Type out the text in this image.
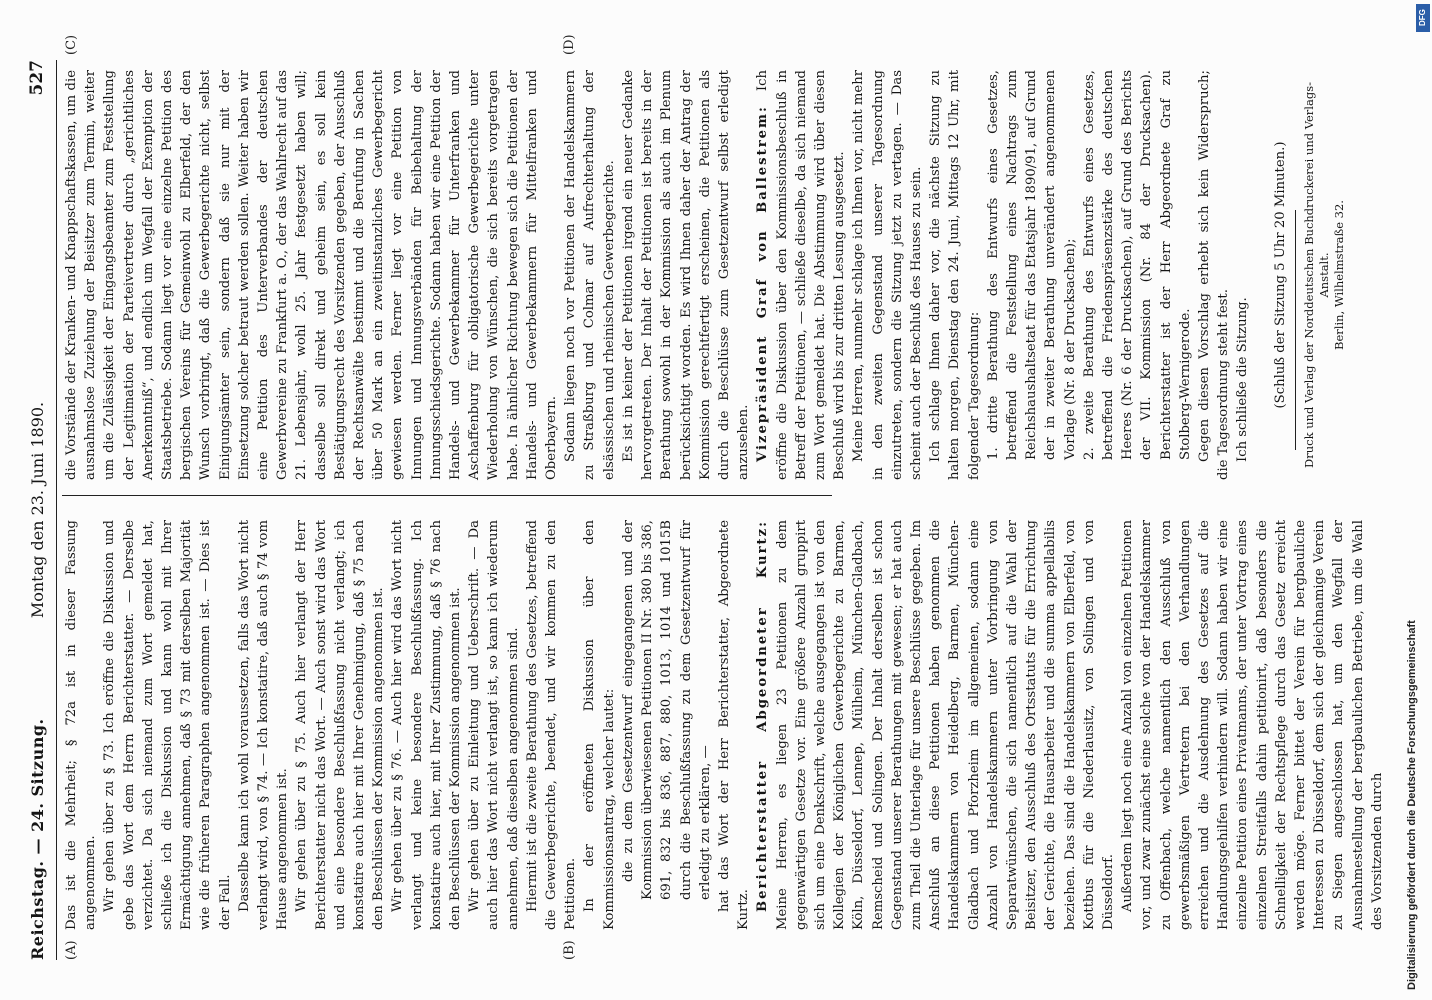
Reichstag. — 24. Sitzung.
Montag den 23. Juni 1890.
527
(A)	(B)
(C)	(D)

Das ist die Mehrheit; § 72a ist in dieser Fassung angenommen. Wir gehen über zu § 73. Ich eröffne die Diskussion und gebe das Wort dem Herrn Berichterstatter. — Derselbe verzichtet. Da sich niemand zum Wort gemeldet hat, schließe ich die Diskussion und kann wohl mit Ihrer Ermächtigung annehmen, daß § 73 mit derselben Majorität wie die früheren Paragraphen angenommen ist. — Dies ist der Fall. Dasselbe kann ich wohl voraussetzen, falls das Wort nicht verlangt wird, von § 74. — Ich konstatire, daß auch § 74 vom Hause angenommen ist. Wir gehen über zu § 75. Auch hier verlangt der Herr Berichterstatter nicht das Wort. — Auch sonst wird das Wort und eine besondere Beschlußfassung nicht verlangt; ich konstatire auch hier mit Ihrer Genehmigung, daß § 75 nach den Beschlüssen der Kommission angenommen ist. Wir gehen über zu § 76. — Auch hier wird das Wort nicht verlangt und keine besondere Beschlußfassung. Ich konstatire auch hier, mit Ihrer Zustimmung, daß § 76 nach den Beschlüssen der Kommission angenommen ist. Wir gehen über zu Einleitung und Ueberschrift. — Da auch hier das Wort nicht verlangt ist, so kann ich wiederum annehmen, daß dieselben angenommen sind. Hiermit ist die zweite Berathung des Gesetzes, betreffend die Gewerbegerichte, beendet, und wir kommen zu den Petitionen. In der eröffneten Diskussion über den Kommissionsantrag, welcher lautet: die zu dem Gesetzentwurf eingegangenen und der Kommission überwiesenen Petitionen II Nr. 380 bis 386, 691, 832 bis 836, 887, 880, 1013, 1014 und 1015B durch die Beschlußfassung zu dem Gesetzentwurf für erledigt zu erklären, — hat das Wort der Herr Berichterstatter, Abgeordnete Kurtz. Berichterstatter Abgeordneter Kurtz: Meine Herren, es liegen 23 Petitionen zu dem gegenwärtigen Gesetze vor. Eine größere Anzahl gruppirt sich um eine Denkschrift, welche ausgegangen ist von den Kollegien der Königlichen Gewerbegerichte zu Barmen, Köln, Düsseldorf, Lennep, Mülheim, München-Gladbach, Remscheid und Solingen. Der Inhalt derselben ist schon Gegenstand unserer Berathungen mit gewesen; er hat auch zum Theil die Unterlage für unsere Beschlüsse gegeben. Im Anschluß an diese Petitionen haben genommen die Handelskammern von Heidelberg, Barmen, München-Gladbach und Pforzheim im allgemeinen, sodann eine Anzahl von Handelskammern unter Vorbringung von Separatwünschen, die sich namentlich auf die Wahl der Beisitzer, den Ausschluß des Ortsstatuts für die Errichtung der Gerichte, die Hausarbeiter und die summa appellabilis beziehen. Das sind die Handelskammern von Elberfeld, von Kottbus für die Niederlausitz, von Solingen und von Düsseldorf. Außerdem liegt noch eine Anzahl von einzelnen Petitionen vor, und zwar zunächst eine solche von der Handelskammer zu Offenbach, welche namentlich den Ausschluß von gewerbsmäßigen Vertretern bei den Verhandlungen erreichen und die Ausdehnung des Gesetzes auf die Handlungsgehilfen verhindern will. Sodann haben wir eine einzelne Petition eines Privatmanns, der unter Vortrag eines einzelnen Streitfalls dahin petitionirt, daß besonders die Schnelligkeit der Rechtspflege durch das Gesetz erreicht werden möge. Ferner bittet der Verein für bergbauliche Interessen zu Düsseldorf, dem sich der gleichnamige Verein zu Siegen angeschlossen hat, um den Wegfall der Ausnahmestellung der bergbaulichen Betriebe, um die Wahl des Vorsitzenden durch

die Vorstände der Kranken- und Knappschaftskassen, um die ausnahmslose Zuziehung der Beisitzer zum Termin, weiter um die Zulässigkeit der Eingangsbeamter zum Feststellung der Legitimation der Parteivertreter durch „gerichtliches Anerkenntniß“, und endlich um Wegfall der Exemption der Staatsbetriebe. Sodann liegt vor eine einzelne Petition des bergischen Vereins für Gemeinwohl zu Elberfeld, der den Wunsch vorbringt, daß die Gewerbegerichte nicht, selbst Einigungsämter sein, sondern daß sie nur mit der Einsetzung solcher betraut werden sollen. Weiter haben wir eine Petition des Unterverbandes der deutschen Gewerbvereine zu Frankfurt a. O., der das Wahlrecht auf das 21. Lebensjahr, wohl 25. Jahr festgesetzt haben will; dasselbe soll direkt und geheim sein, es soll kein Bestätigungsrecht des Vorsitzenden gegeben, der Ausschluß der Rechtsanwälte bestimmt und die Berufung in Sachen über 50 Mark an ein zweitinstanzliches Gewerbegericht gewiesen werden. Ferner liegt vor eine Petition von Innungen und Innungsverbänden für Beibehaltung der Innungsschiedsgerichte. Sodann haben wir eine Petition der Handels- und Gewerbekammer für Unterfranken und Aschaffenburg für obligatorische Gewerbegerichte unter Wiederholung von Wünschen, die sich bereits vorgetragen habe. In ähnlicher Richtung bewegen sich die Petitionen der Handels- und Gewerbekammern für Mittelfranken und Oberbayern. Sodann liegen noch vor Petitionen der Handelskammern zu Straßburg und Colmar auf Aufrechterhaltung der elsässischen und rheinischen Gewerbegerichte. Es ist in keiner der Petitionen irgend ein neuer Gedanke hervorgetreten. Der Inhalt der Petitionen ist bereits in der Berathung sowohl in der Kommission als auch im Plenum berücksichtigt worden. Es wird Ihnen daher der Antrag der Kommission gerechtfertigt erscheinen, die Petitionen als durch die Beschlüsse zum Gesetzentwurf selbst erledigt anzusehen. Vizepräsident Graf von Ballestrem: Ich eröffne die Diskussion über den Kommissionsbeschluß in Betreff der Petitionen, — schließe dieselbe, da sich niemand zum Wort gemeldet hat. Die Abstimmung wird über diesen Beschluß wird bis zur dritten Lesung ausgesetzt. Meine Herren, nunmehr schlage ich Ihnen vor, nicht mehr in den zweiten Gegenstand unserer Tagesordnung einzutreten, sondern die Sitzung jetzt zu vertagen. — Das scheint auch der Beschluß des Hauses zu sein. Ich schlage Ihnen daher vor, die nächste Sitzung zu halten morgen, Dienstag den 24. Juni, Mittags 12 Uhr, mit folgender Tagesordnung: 1. dritte Berathung des Entwurfs eines Gesetzes, betreffend die Feststellung eines Nachtrags zum Reichshaushaltsetat für das Etatsjahr 1890/91, auf Grund der in zweiter Berathung unverändert angenommenen Vorlage (Nr. 8 der Drucksachen); 2. zweite Berathung des Entwurfs eines Gesetzes, betreffend die Friedenspräsenzstärke des deutschen Heeres (Nr. 6 der Drucksachen), auf Grund des Berichts der VII. Kommission (Nr. 84 der Drucksachen). Berichterstatter ist der Herr Abgeordnete Graf zu Stolberg-Wernigerode. Gegen diesen Vorschlag erhebt sich kein Widerspruch; die Tagesordnung steht fest. Ich schließe die Sitzung. (Schluß der Sitzung 5 Uhr 20 Minuten.) Druck und Verlag der Norddeutschen Buchdruckerei und Verlags-Anstalt. Berlin, Wilhelmstraße 32.
Digitalisierung gefördert durch die Deutsche Forschungsgemeinschaft
DFG
